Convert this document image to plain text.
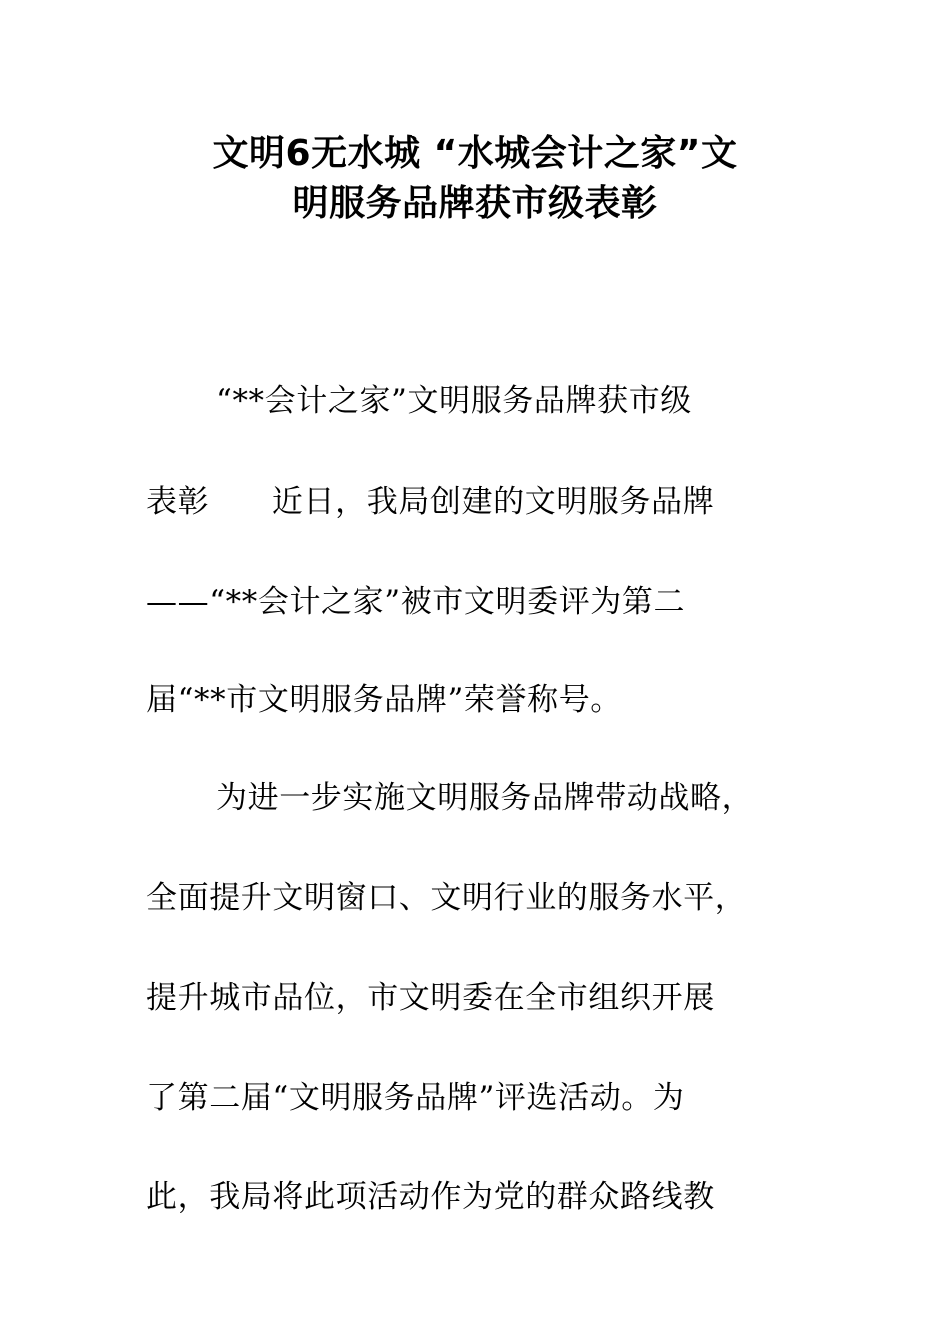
文明6无水城 “水城会计之家”文
明服务品牌获市级表彰
“**会计之家”文明服务品牌获市级
表彰      近日，我局创建的文明服务品牌
——“**会计之家”被市文明委评为第二
届“**市文明服务品牌”荣誉称号。
为进一步实施文明服务品牌带动战略，
全面提升文明窗口、文明行业的服务水平，
提升城市品位，市文明委在全市组织开展
了第二届“文明服务品牌”评选活动。为
此，我局将此项活动作为党的群众路线教
